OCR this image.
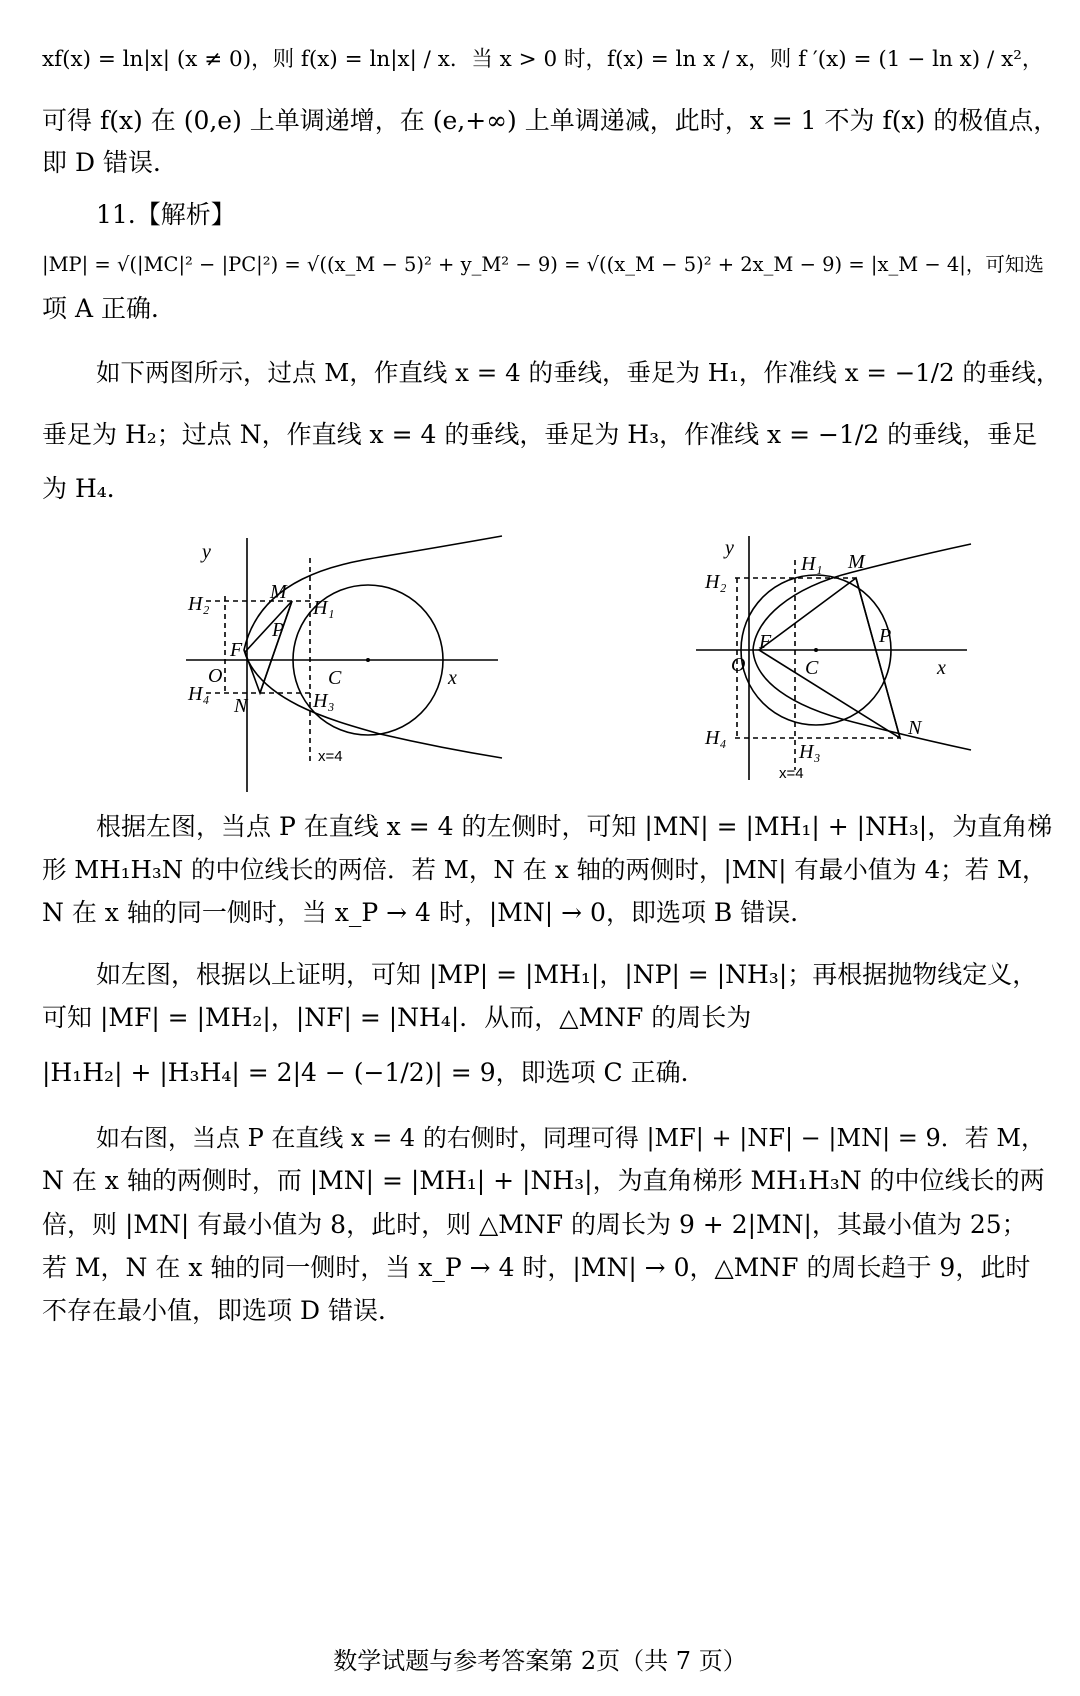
xf(x) = ln|x| (x ≠ 0)，则 f(x) = ln|x| / x．当 x > 0 时，f(x) = ln x / x，则 f ′(x) = (1 − ln x) / x²，
可得 f(x) 在 (0,e) 上单调递增，在 (e,+∞) 上单调递减，此时，x = 1 不为 f(x) 的极值点，
即 D 错误．
11.【解析】
|MP| = √(|MC|² − |PC|²) = √((x_M − 5)² + y_M² − 9) = √((x_M − 5)² + 2x_M − 9) = |x_M − 4|，可知选
项 A 正确．
如下两图所示，过点 M，作直线 x = 4 的垂线，垂足为 H₁，作准线 x = −1/2 的垂线，
垂足为 H₂；过点 N，作直线 x = 4 的垂线，垂足为 H₃，作准线 x = −1/2 的垂线，垂足
为 H₄．
y
x
O
F
C
M
N
P
H₁
H₂
H₃
H₄
x=4
y
x
O
F
C
M
N
P
H₁
H₂
H₃
H₄
x=4
根据左图，当点 P 在直线 x = 4 的左侧时，可知 |MN| = |MH₁| + |NH₃|，为直角梯
形 MH₁H₃N 的中位线长的两倍．若 M，N 在 x 轴的两侧时，|MN| 有最小值为 4；若 M，
N 在 x 轴的同一侧时，当 x_P → 4 时，|MN| → 0，即选项 B 错误．
如左图，根据以上证明，可知 |MP| = |MH₁|，|NP| = |NH₃|；再根据抛物线定义，
可知 |MF| = |MH₂|，|NF| = |NH₄|．从而，△MNF 的周长为
|H₁H₂| + |H₃H₄| = 2|4 − (−1/2)| = 9，即选项 C 正确．
如右图，当点 P 在直线 x = 4 的右侧时，同理可得 |MF| + |NF| − |MN| = 9．若 M，
N 在 x 轴的两侧时，而 |MN| = |MH₁| + |NH₃|，为直角梯形 MH₁H₃N 的中位线长的两
倍，则 |MN| 有最小值为 8，此时，则 △MNF 的周长为 9 + 2|MN|，其最小值为 25；
若 M，N 在 x 轴的同一侧时，当 x_P → 4 时，|MN| → 0，△MNF 的周长趋于 9，此时
不存在最小值，即选项 D 错误．
数学试题与参考答案第 2页（共 7 页）
